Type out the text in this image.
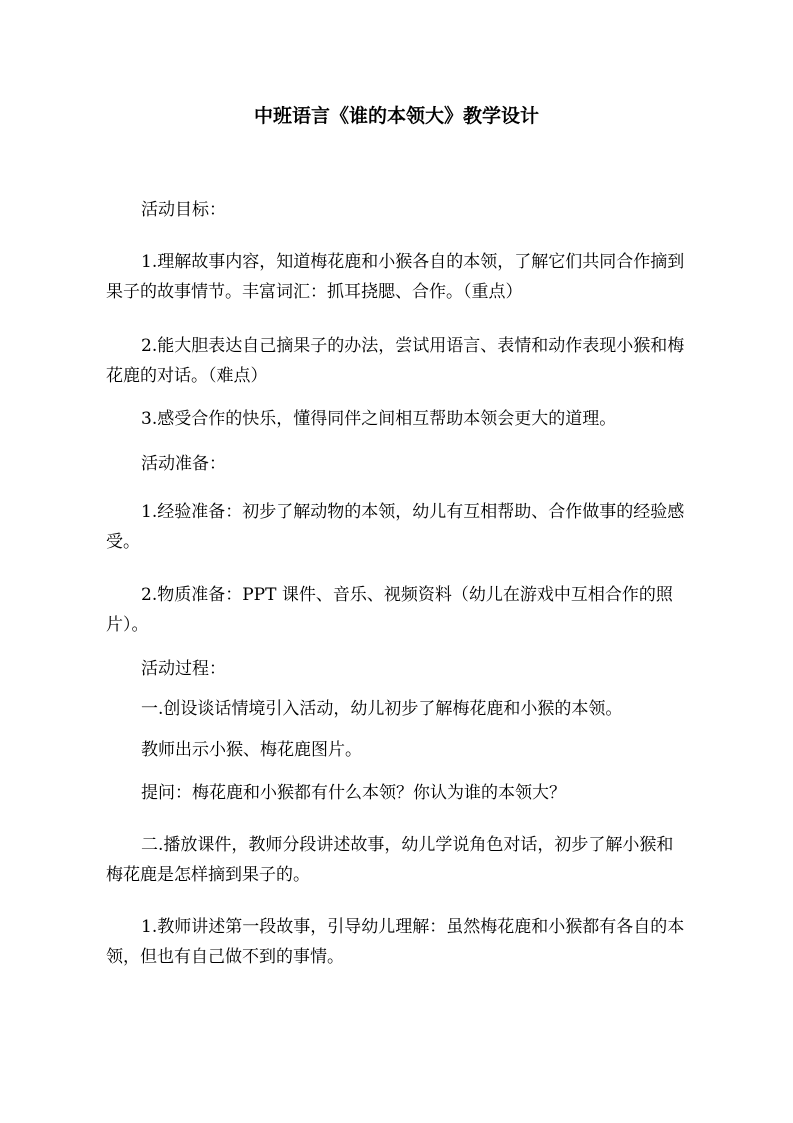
中班语言《谁的本领大》教学设计
活动目标：
1.理解故事内容，知道梅花鹿和小猴各自的本领，了解它们共同合作摘到果子的故事情节。丰富词汇：抓耳挠腮、合作。（重点）
2.能大胆表达自己摘果子的办法，尝试用语言、表情和动作表现小猴和梅花鹿的对话。（难点）
3.感受合作的快乐，懂得同伴之间相互帮助本领会更大的道理。
活动准备：
1.经验准备：初步了解动物的本领，幼儿有互相帮助、合作做事的经验感受。
2.物质准备：PPT 课件、音乐、视频资料（幼儿在游戏中互相合作的照片）。
活动过程：
一.创设谈话情境引入活动，幼儿初步了解梅花鹿和小猴的本领。
教师出示小猴、梅花鹿图片。
提问：梅花鹿和小猴都有什么本领？你认为谁的本领大？
二.播放课件，教师分段讲述故事，幼儿学说角色对话，初步了解小猴和梅花鹿是怎样摘到果子的。
1.教师讲述第一段故事，引导幼儿理解：虽然梅花鹿和小猴都有各自的本领，但也有自己做不到的事情。
